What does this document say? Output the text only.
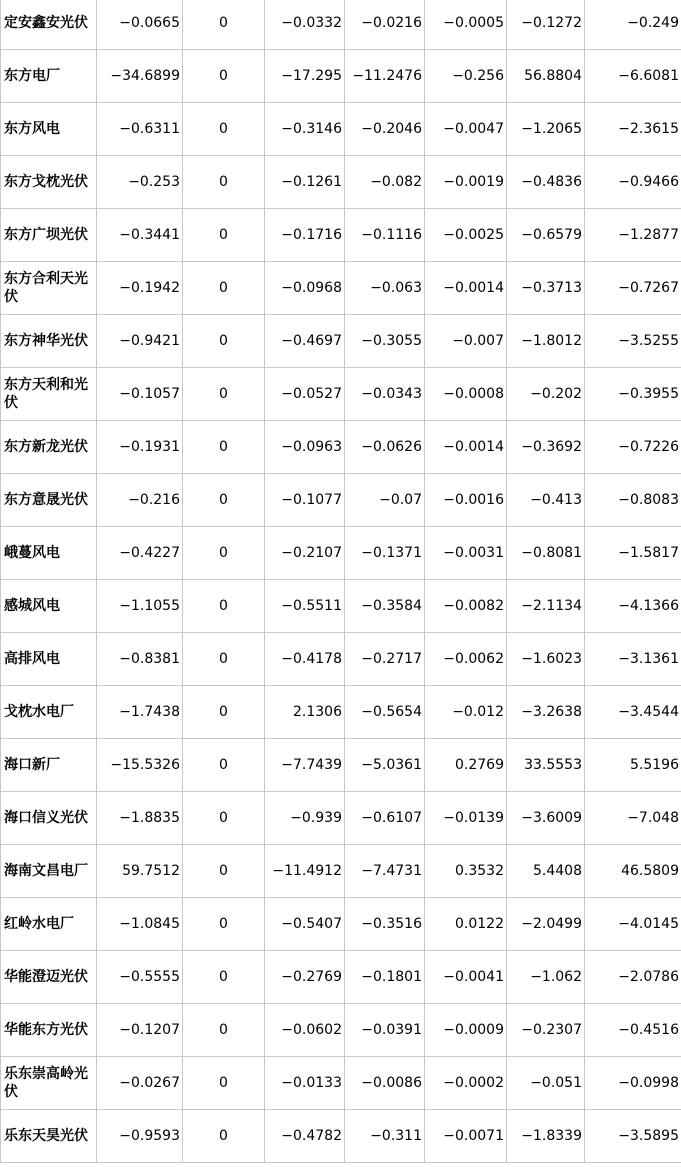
定安鑫安光伏	−0.0665	0	−0.0332	−0.0216	−0.0005	−0.1272	−0.249
东方电厂	−34.6899	0	−17.295	−11.2476	−0.256	56.8804	−6.6081
东方风电	−0.6311	0	−0.3146	−0.2046	−0.0047	−1.2065	−2.3615
东方戈枕光伏	−0.253	0	−0.1261	−0.082	−0.0019	−0.4836	−0.9466
东方广坝光伏	−0.3441	0	−0.1716	−0.1116	−0.0025	−0.6579	−1.2877
东方合利天光伏	−0.1942	0	−0.0968	−0.063	−0.0014	−0.3713	−0.7267
东方神华光伏	−0.9421	0	−0.4697	−0.3055	−0.007	−1.8012	−3.5255
东方天利和光伏	−0.1057	0	−0.0527	−0.0343	−0.0008	−0.202	−0.3955
东方新龙光伏	−0.1931	0	−0.0963	−0.0626	−0.0014	−0.3692	−0.7226
东方意晟光伏	−0.216	0	−0.1077	−0.07	−0.0016	−0.413	−0.8083
峨蔓风电	−0.4227	0	−0.2107	−0.1371	−0.0031	−0.8081	−1.5817
感城风电	−1.1055	0	−0.5511	−0.3584	−0.0082	−2.1134	−4.1366
高排风电	−0.8381	0	−0.4178	−0.2717	−0.0062	−1.6023	−3.1361
戈枕水电厂	−1.7438	0	2.1306	−0.5654	−0.012	−3.2638	−3.4544
海口新厂	−15.5326	0	−7.7439	−5.0361	0.2769	33.5553	5.5196
海口信义光伏	−1.8835	0	−0.939	−0.6107	−0.0139	−3.6009	−7.048
海南文昌电厂	59.7512	0	−11.4912	−7.4731	0.3532	5.4408	46.5809
红岭水电厂	−1.0845	0	−0.5407	−0.3516	0.0122	−2.0499	−4.0145
华能澄迈光伏	−0.5555	0	−0.2769	−0.1801	−0.0041	−1.062	−2.0786
华能东方光伏	−0.1207	0	−0.0602	−0.0391	−0.0009	−0.2307	−0.4516
乐东崇高岭光伏	−0.0267	0	−0.0133	−0.0086	−0.0002	−0.051	−0.0998
乐东天昊光伏	−0.9593	0	−0.4782	−0.311	−0.0071	−1.8339	−3.5895
